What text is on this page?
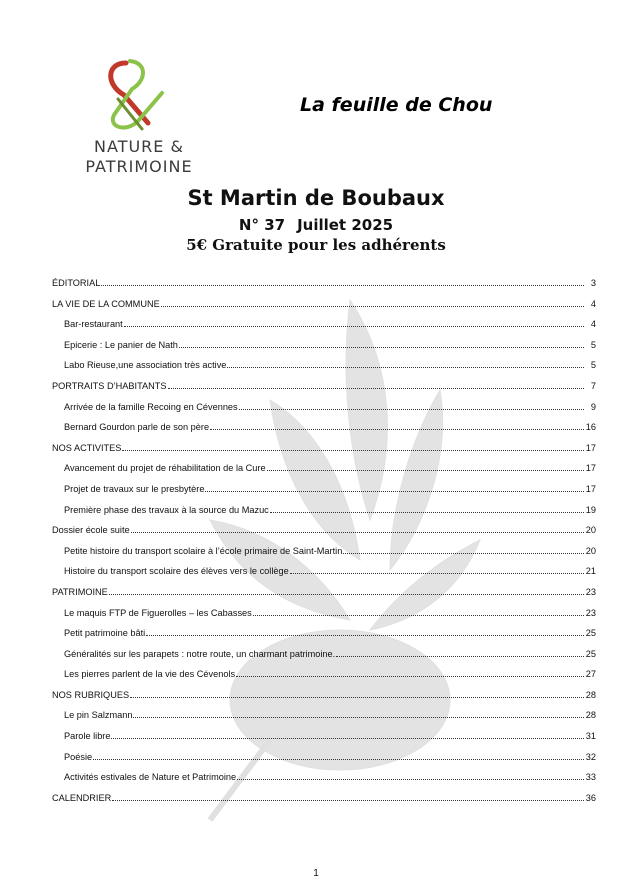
NATURE &
PATRIMOINE
La feuille de Chou
St Martin de Boubaux
N° 37 Juillet 2025
5€ Gratuite pour les adhérents
ÉDITORIAL	3
LA VIE DE LA COMMUNE	4
Bar-restaurant	4
Epicerie : Le panier de Nath	5
Labo Rieuse,une association très active	5
PORTRAITS D’HABITANTS	7
Arrivée de la famille Recoing en Cévennes	9
Bernard Gourdon parle de son père	16
NOS ACTIVITES	17
Avancement du projet de réhabilitation de la Cure	17
Projet de travaux sur le presbytère	17
Première phase des travaux à la source du Mazuc	19
Dossier école suite	20
Petite histoire du transport scolaire à l’école primaire de Saint-Martin	20
Histoire du transport scolaire des élèves vers le collège	21
PATRIMOINE	23
Le maquis FTP de Figuerolles – les Cabasses	23
Petit patrimoine bâti	25
Généralités sur les parapets : notre route, un charmant patrimoine.	25
Les pierres parlent de la vie des Cévenols	27
NOS RUBRIQUES	28
Le pin Salzmann	28
Parole libre	31
Poésie	32
Activités estivales de Nature et Patrimoine	33
CALENDRIER	36
1
